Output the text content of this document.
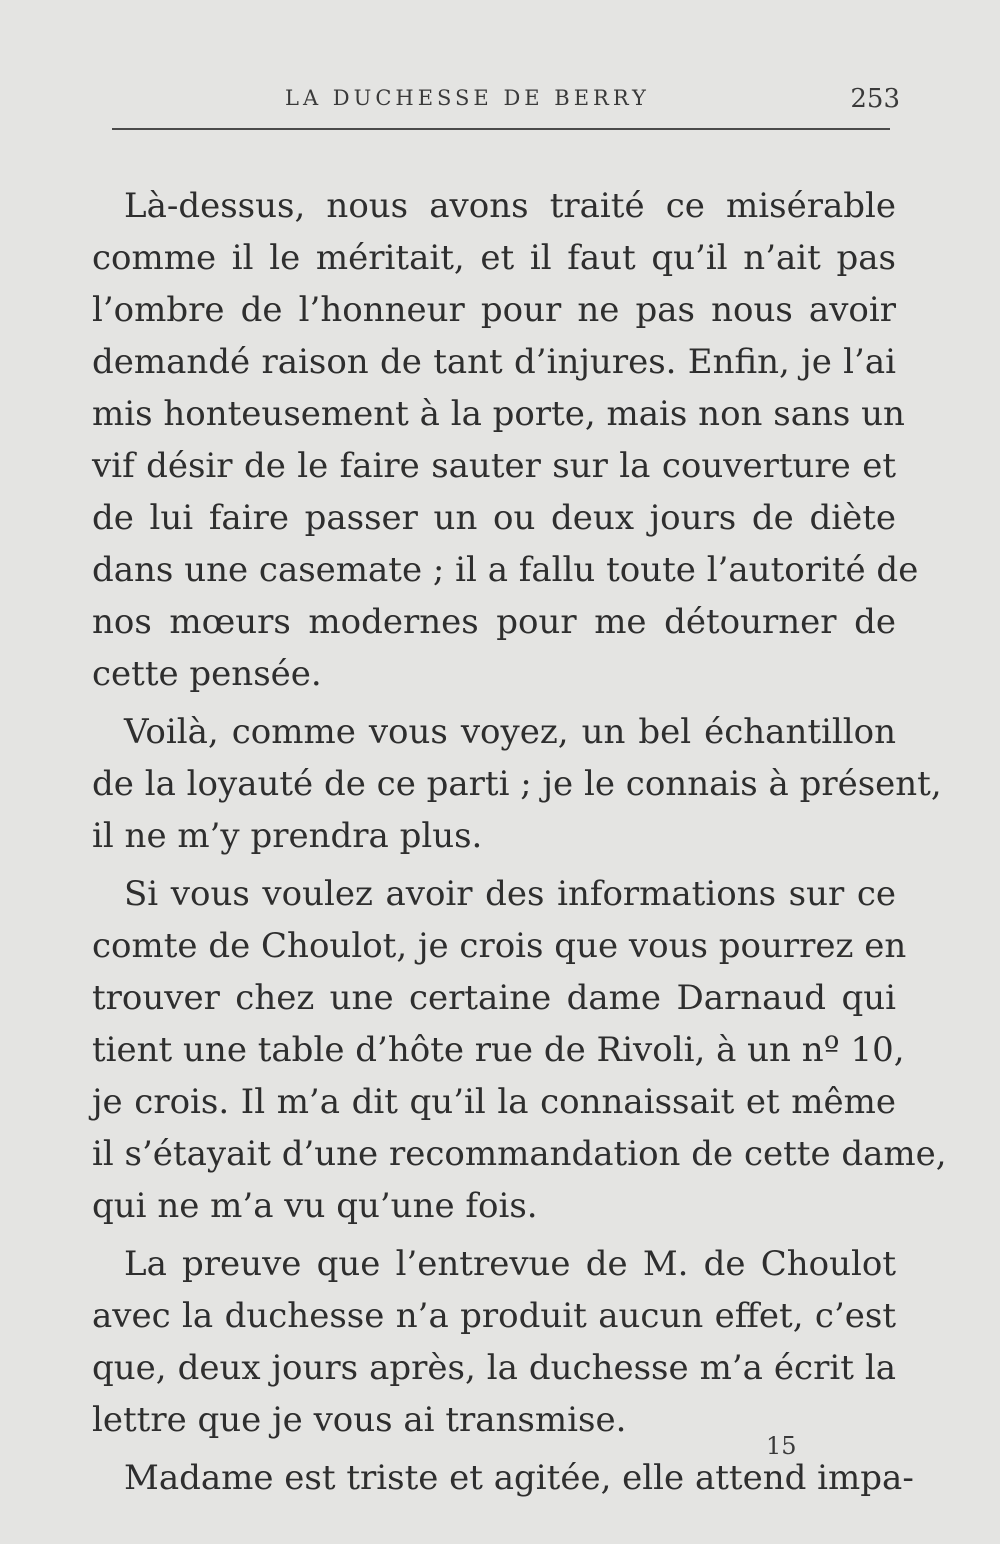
LA DUCHESSE DE BERRY	253
Là-dessus, nous avons traité ce misérable
comme il le méritait, et il faut qu’il n’ait pas
l’ombre de l’honneur pour ne pas nous avoir
demandé raison de tant d’injures. Enfin, je l’ai
mis honteusement à la porte, mais non sans un
vif désir de le faire sauter sur la couverture et
de lui faire passer un ou deux jours de diète
dans une casemate ; il a fallu toute l’autorité de
nos mœurs modernes pour me détourner de
cette pensée.
Voilà, comme vous voyez, un bel échantillon
de la loyauté de ce parti ; je le connais à présent,
il ne m’y prendra plus.
Si vous voulez avoir des informations sur ce
comte de Choulot, je crois que vous pourrez en
trouver chez une certaine dame Darnaud qui
tient une table d’hôte rue de Rivoli, à un nº 10,
je crois. Il m’a dit qu’il la connaissait et même
il s’étayait d’une recommandation de cette dame,
qui ne m’a vu qu’une fois.
La preuve que l’entrevue de M. de Choulot
avec la duchesse n’a produit aucun effet, c’est
que, deux jours après, la duchesse m’a écrit la
lettre que je vous ai transmise.
Madame est triste et agitée, elle attend impa-
15
